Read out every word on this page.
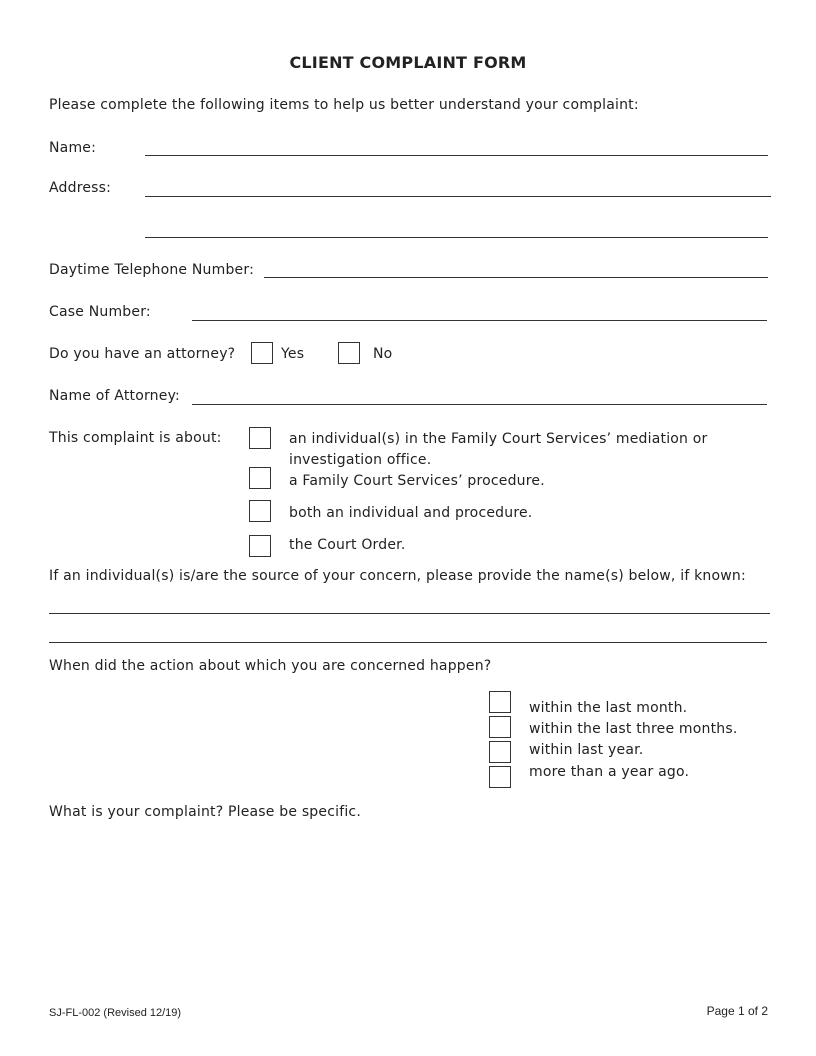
CLIENT COMPLAINT FORM
Please complete the following items to help us better understand your complaint:
Name:
Address:
Daytime Telephone Number:
Case Number:
Do you have an attorney?	Yes	No
Name of Attorney:
This complaint is about:	an individual(s) in the Family Court Services’ mediation or
investigation office.
a Family Court Services’ procedure.
both an individual and procedure.
the Court Order.
If an individual(s) is/are the source of your concern, please provide the name(s) below, if known:
When did the action about which you are concerned happen?
within the last month.
within the last three months.
within last year.
more than a year ago.
What is your complaint? Please be specific.
SJ-FL-002 (Revised 12/19)	Page 1 of 2
